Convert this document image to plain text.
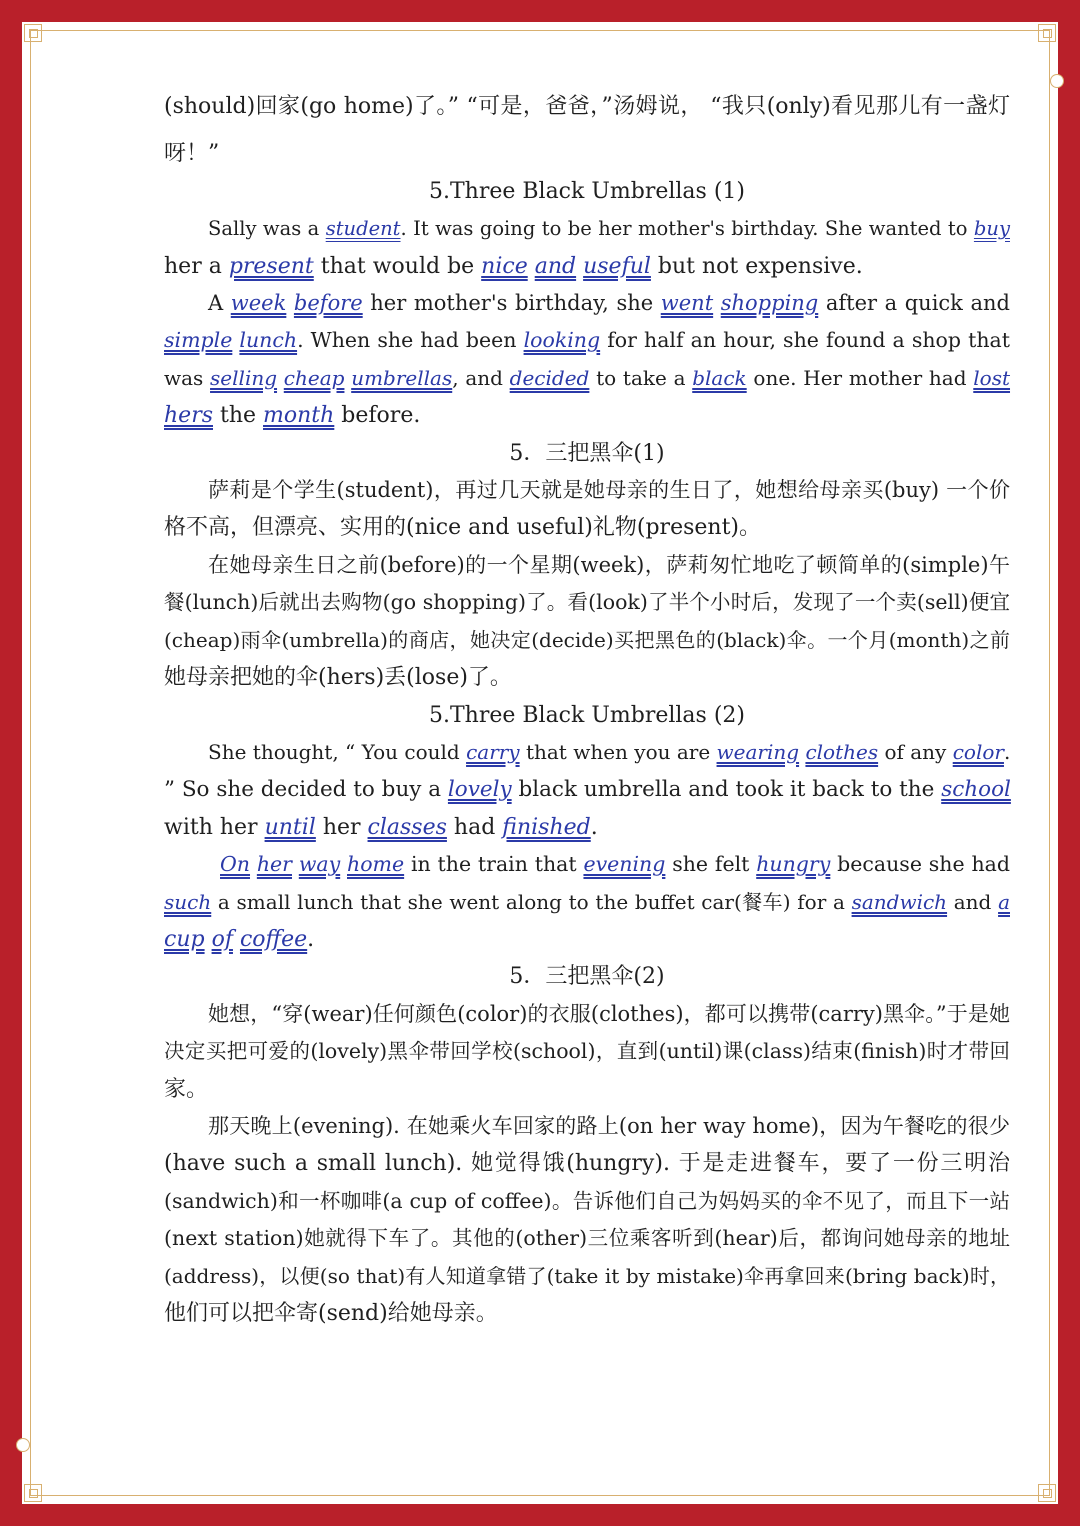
(should)回家(go home)了。” “可是，爸爸，”汤姆说， “我只(only)看见那儿有一盏灯
呀！”
5.Three Black Umbrellas (1)
Sally was a student. It was going to be her mother's birthday. She wanted to buy
her a present that would be nice and useful but not expensive.
A week before her mother's birthday, she went shopping after a quick and
simple lunch. When she had been looking for half an hour, she found a shop that
was selling cheap umbrellas, and decided to take a black one. Her mother had lost
hers the month before.
5．三把黑伞(1)
萨莉是个学生(student)，再过几天就是她母亲的生日了，她想给母亲买(buy) 一个价
格不高，但漂亮、实用的(nice and useful)礼物(present)。
在她母亲生日之前(before)的一个星期(week)，萨莉匆忙地吃了顿简单的(simple)午
餐(lunch)后就出去购物(go shopping)了。看(look)了半个小时后，发现了一个卖(sell)便宜
(cheap)雨伞(umbrella)的商店，她决定(decide)买把黑色的(black)伞。一个月(month)之前
她母亲把她的伞(hers)丢(lose)了。
5.Three Black Umbrellas (2)
She thought, “ You could carry that when you are wearing clothes of any color.
” So she decided to buy a lovely black umbrella and took it back to the school
with her until her classes had finished.
On her way home in the train that evening she felt hungry because she had
such a small lunch that she went along to the buffet car(餐车) for a sandwich and a
cup of coffee.
5．三把黑伞(2)
她想，“穿(wear)任何颜色(color)的衣服(clothes)，都可以携带(carry)黑伞。”于是她
决定买把可爱的(lovely)黑伞带回学校(school)，直到(until)课(class)结束(finish)时才带回
家。
那天晚上(evening). 在她乘火车回家的路上(on her way home)，因为午餐吃的很少
(have such a small lunch). 她觉得饿(hungry). 于是走进餐车，要了一份三明治
(sandwich)和一杯咖啡(a cup of coffee)。告诉他们自己为妈妈买的伞不见了，而且下一站
(next station)她就得下车了。其他的(other)三位乘客听到(hear)后，都询问她母亲的地址
(address)，以便(so that)有人知道拿错了(take it by mistake)伞再拿回来(bring back)时，
他们可以把伞寄(send)给她母亲。
